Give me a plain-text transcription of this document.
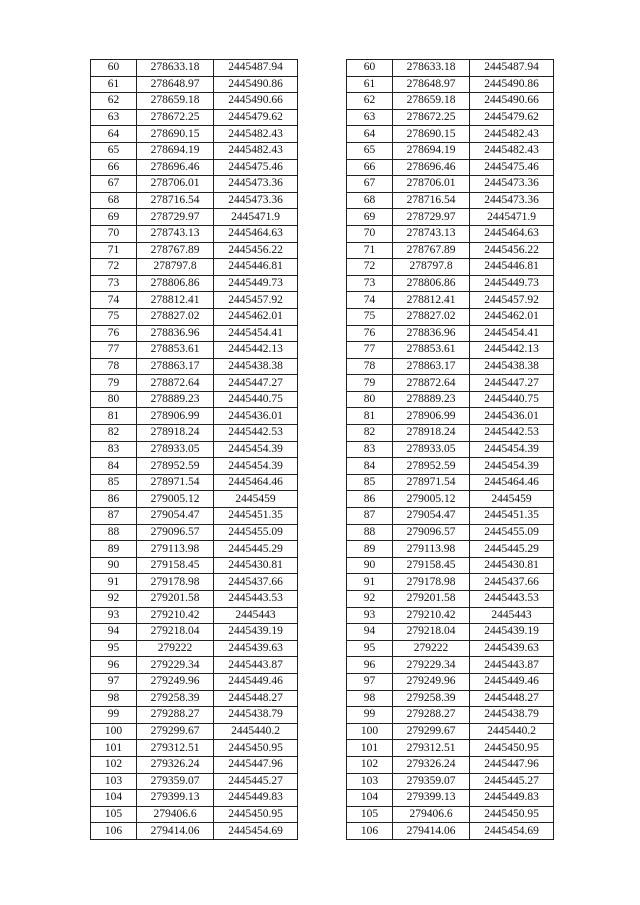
60	278633.18	2445487.94
61	278648.97	2445490.86
62	278659.18	2445490.66
63	278672.25	2445479.62
64	278690.15	2445482.43
65	278694.19	2445482.43
66	278696.46	2445475.46
67	278706.01	2445473.36
68	278716.54	2445473.36
69	278729.97	2445471.9
70	278743.13	2445464.63
71	278767.89	2445456.22
72	278797.8	2445446.81
73	278806.86	2445449.73
74	278812.41	2445457.92
75	278827.02	2445462.01
76	278836.96	2445454.41
77	278853.61	2445442.13
78	278863.17	2445438.38
79	278872.64	2445447.27
80	278889.23	2445440.75
81	278906.99	2445436.01
82	278918.24	2445442.53
83	278933.05	2445454.39
84	278952.59	2445454.39
85	278971.54	2445464.46
86	279005.12	2445459
87	279054.47	2445451.35
88	279096.57	2445455.09
89	279113.98	2445445.29
90	279158.45	2445430.81
91	279178.98	2445437.66
92	279201.58	2445443.53
93	279210.42	2445443
94	279218.04	2445439.19
95	279222	2445439.63
96	279229.34	2445443.87
97	279249.96	2445449.46
98	279258.39	2445448.27
99	279288.27	2445438.79
100	279299.67	2445440.2
101	279312.51	2445450.95
102	279326.24	2445447.96
103	279359.07	2445445.27
104	279399.13	2445449.83
105	279406.6	2445450.95
106	279414.06	2445454.69
60	278633.18	2445487.94
61	278648.97	2445490.86
62	278659.18	2445490.66
63	278672.25	2445479.62
64	278690.15	2445482.43
65	278694.19	2445482.43
66	278696.46	2445475.46
67	278706.01	2445473.36
68	278716.54	2445473.36
69	278729.97	2445471.9
70	278743.13	2445464.63
71	278767.89	2445456.22
72	278797.8	2445446.81
73	278806.86	2445449.73
74	278812.41	2445457.92
75	278827.02	2445462.01
76	278836.96	2445454.41
77	278853.61	2445442.13
78	278863.17	2445438.38
79	278872.64	2445447.27
80	278889.23	2445440.75
81	278906.99	2445436.01
82	278918.24	2445442.53
83	278933.05	2445454.39
84	278952.59	2445454.39
85	278971.54	2445464.46
86	279005.12	2445459
87	279054.47	2445451.35
88	279096.57	2445455.09
89	279113.98	2445445.29
90	279158.45	2445430.81
91	279178.98	2445437.66
92	279201.58	2445443.53
93	279210.42	2445443
94	279218.04	2445439.19
95	279222	2445439.63
96	279229.34	2445443.87
97	279249.96	2445449.46
98	279258.39	2445448.27
99	279288.27	2445438.79
100	279299.67	2445440.2
101	279312.51	2445450.95
102	279326.24	2445447.96
103	279359.07	2445445.27
104	279399.13	2445449.83
105	279406.6	2445450.95
106	279414.06	2445454.69
